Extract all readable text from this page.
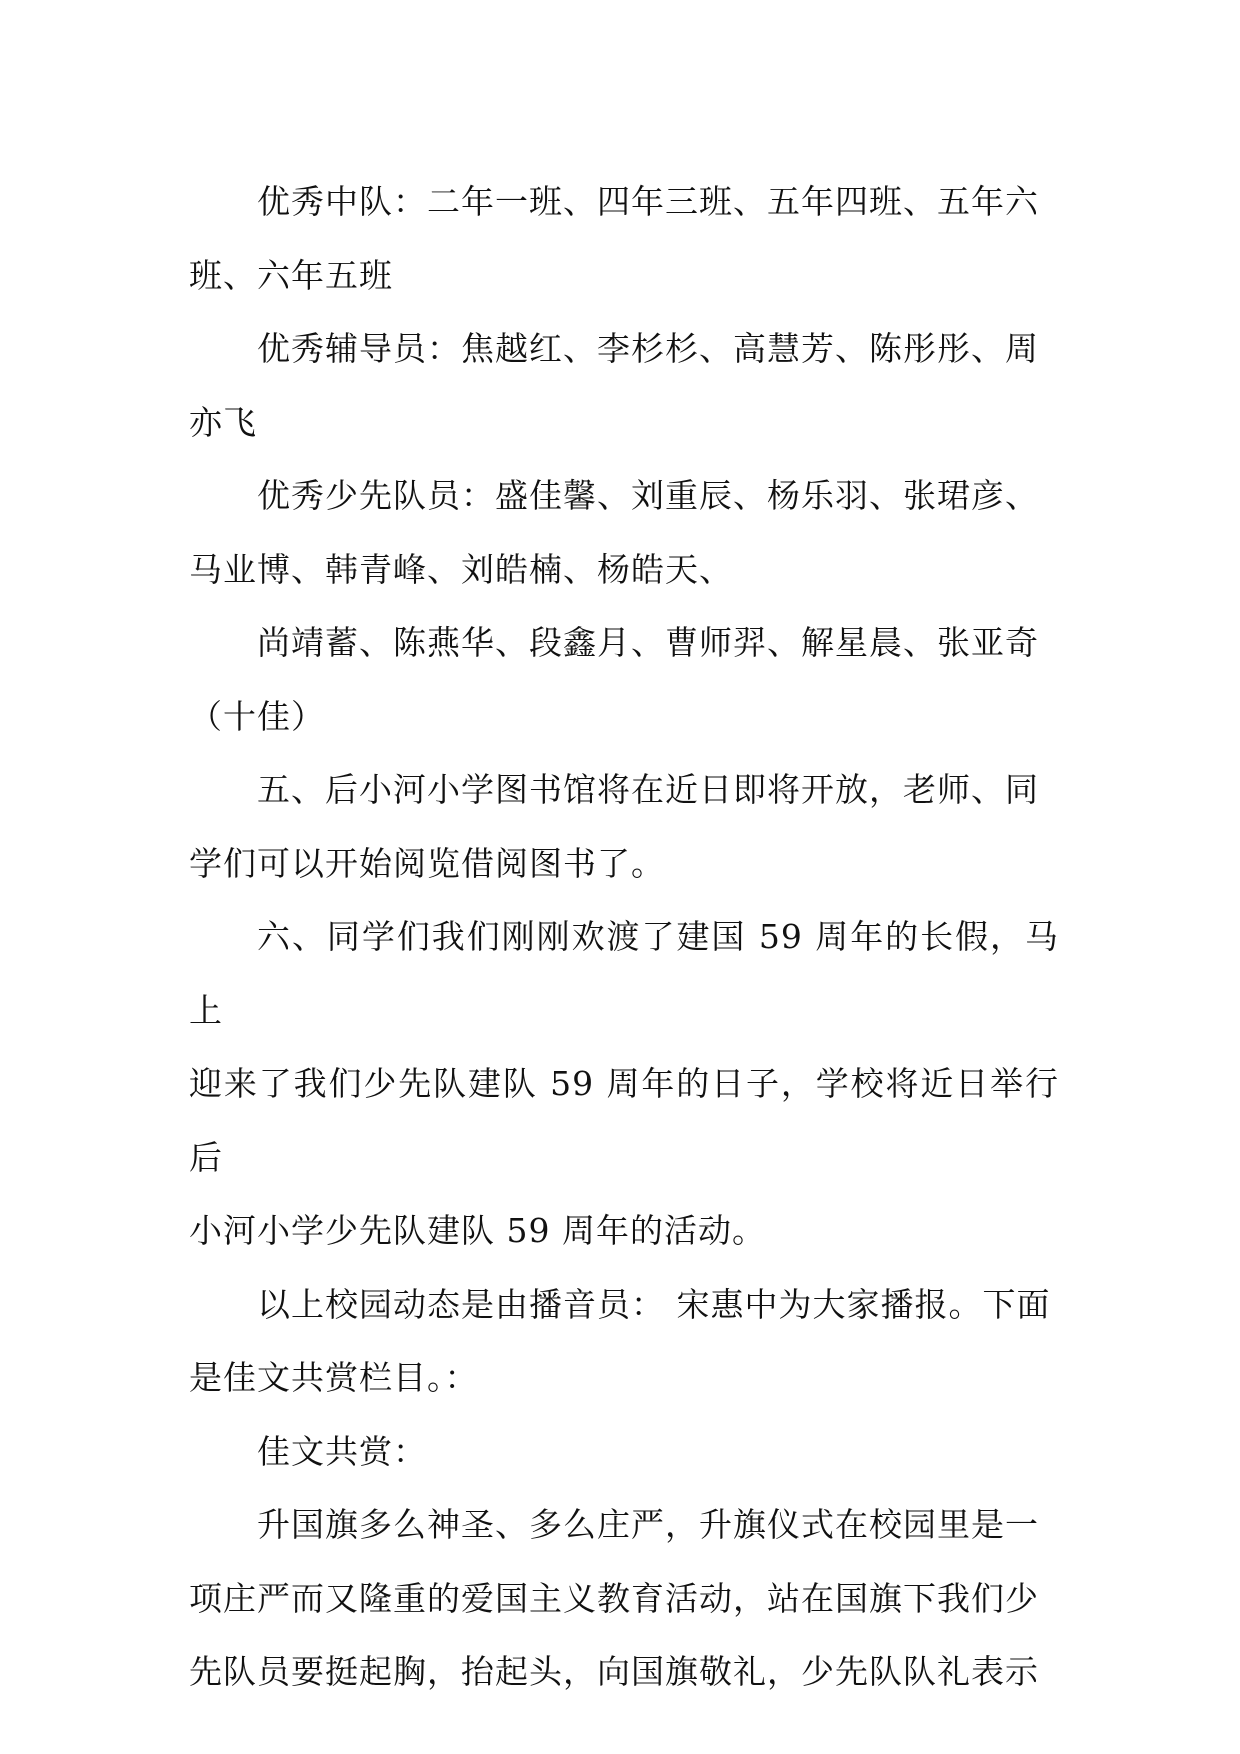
优秀中队：二年一班、四年三班、五年四班、五年六
班、六年五班

优秀辅导员：焦越红、李杉杉、高慧芳、陈彤彤、周
亦飞

优秀少先队员：盛佳馨、刘重辰、杨乐羽、张珺彦、
马业博、韩青峰、刘皓楠、杨皓天、

尚靖蓄、陈燕华、段鑫月、曹师羿、解星晨、张亚奇
（十佳）

五、后小河小学图书馆将在近日即将开放，老师、同
学们可以开始阅览借阅图书了。

六、同学们我们刚刚欢渡了建国 59 周年的长假，马上
迎来了我们少先队建队 59 周年的日子，学校将近日举行后
小河小学少先队建队 59 周年的活动。

以上校园动态是由播音员： 宋惠中为大家播报。下面
是佳文共赏栏目。：

佳文共赏：

升国旗多么神圣、多么庄严，升旗仪式在校园里是一
项庄严而又隆重的爱国主义教育活动，站在国旗下我们少
先队员要挺起胸，抬起头，向国旗敬礼，少先队队礼表示
